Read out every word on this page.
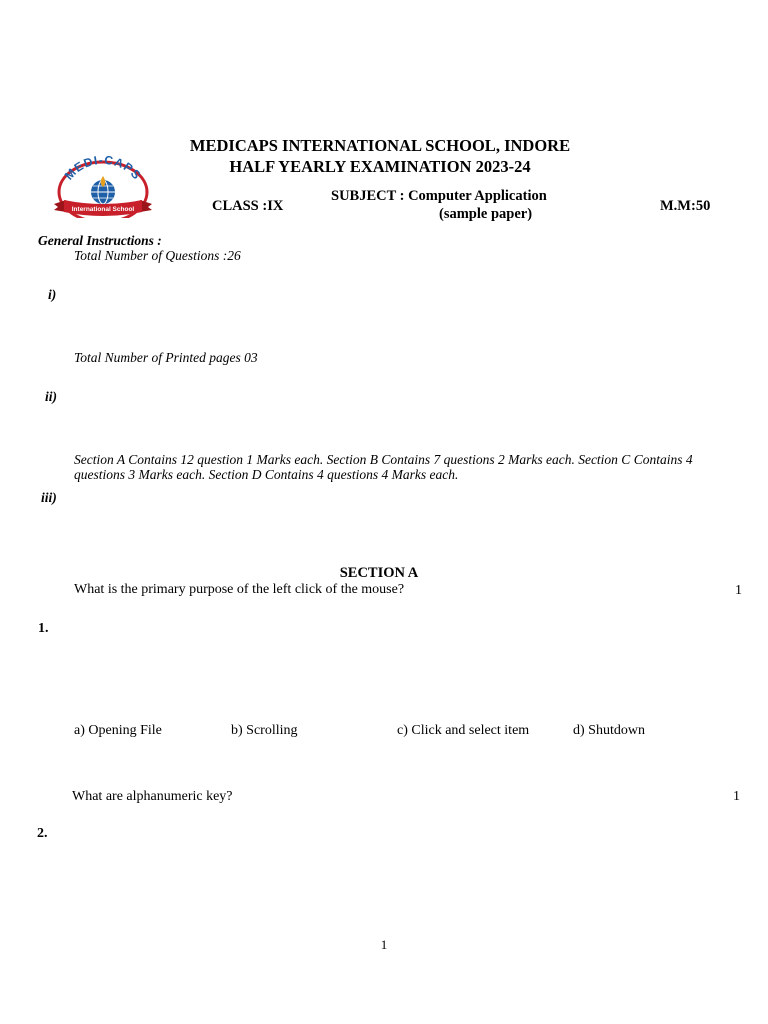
MEDI-CAPS
International School
MEDICAPS INTERNATIONAL SCHOOL, INDORE
HALF YEARLY EXAMINATION 2023-24
CLASS :IX
SUBJECT : Computer Application
(sample paper)	M.M:50
General Instructions :
Total Number of Questions :26
i)
Total Number of Printed pages 03
ii)
Section A Contains 12 question 1 Marks each. Section B Contains 7 questions 2 Marks each. Section C Contains 4 questions 3 Marks each. Section D Contains 4 questions 4 Marks each.
iii)
SECTION A
What is the primary purpose of the left click of the mouse?	1
1.
a) Opening File	b) Scrolling	c) Click and select item	d) Shutdown
What are alphanumeric key?	1
2.
1
